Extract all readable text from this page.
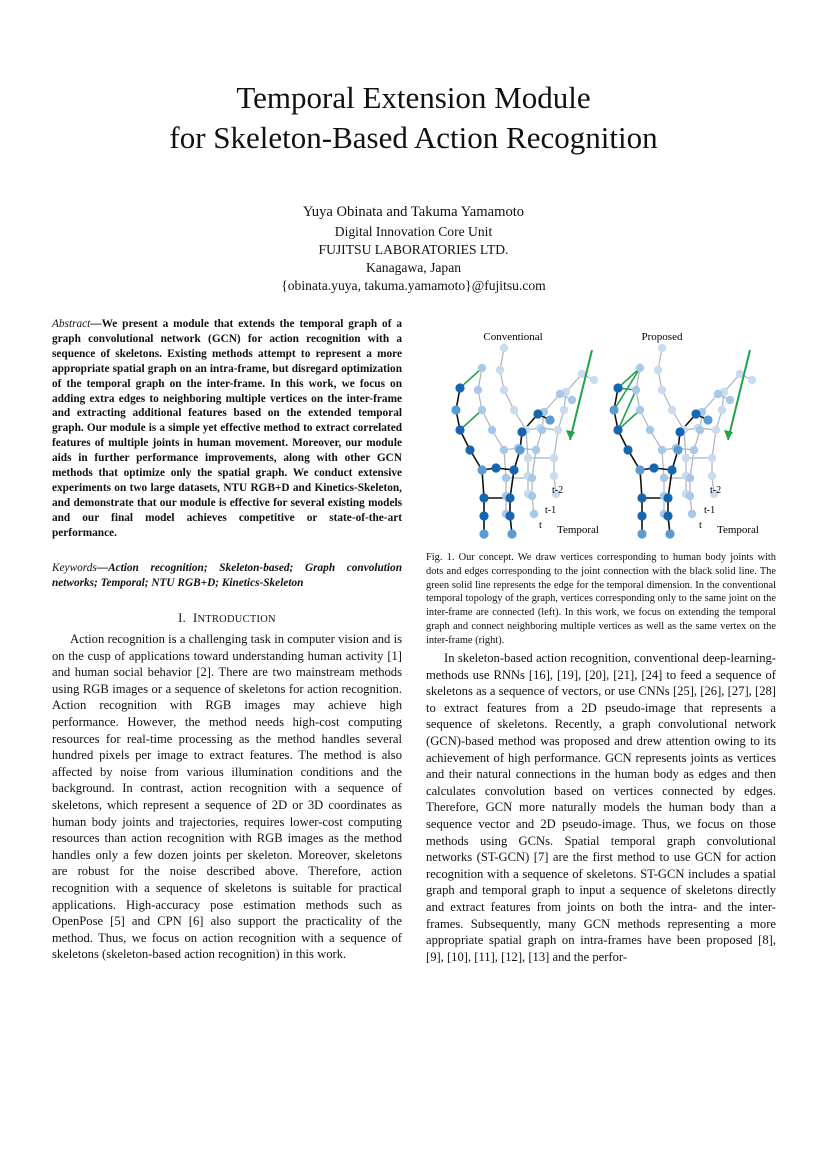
Temporal Extension Module
for Skeleton-Based Action Recognition
Yuya Obinata and Takuma Yamamoto
Digital Innovation Core Unit
FUJITSU LABORATORIES LTD.
Kanagawa, Japan
{obinata.yuya, takuma.yamamoto}@fujitsu.com
Abstract—We present a module that extends the temporal graph of a graph convolutional network (GCN) for action recognition with a sequence of skeletons. Existing methods attempt to represent a more appropriate spatial graph on an intra-frame, but disregard optimization of the temporal graph on the inter-frame. In this work, we focus on adding extra edges to neighboring multiple vertices on the inter-frame and extracting additional features based on the extended temporal graph. Our module is a simple yet effective method to extract correlated features of multiple joints in human movement. Moreover, our module aids in further performance improvements, along with other GCN methods that optimize only the spatial graph. We conduct extensive experiments on two large datasets, NTU RGB+D and Kinetics-Skeleton, and demonstrate that our module is effective for several existing models and our final model achieves competitive or state-of-the-art performance.
Keywords—Action recognition; Skeleton-based; Graph convolution networks; Temporal; NTU RGB+D; Kinetics-Skeleton
I. INTRODUCTION

Action recognition is a challenging task in computer vision and is on the cusp of applications toward understanding human activity [1] and human social behavior [2]. There are two mainstream methods using RGB images or a sequence of skeletons for action recognition. Action recognition with RGB images may achieve high performance. However, the method needs high-cost computing resources for real-time processing as the method handles several hundred pixels per image to extract features. The method is also affected by noise from various illumination conditions and the background. In contrast, action recognition with a sequence of skeletons, which represent a sequence of 2D or 3D coordinates as human body joints and trajectories, requires lower-cost computing resources than action recognition with RGB images as the method handles only a few dozen joints per skeleton. Moreover, skeletons are robust for the noise described above. Therefore, action recognition with a sequence of skeletons is suitable for practical applications. High-accuracy pose estimation methods such as OpenPose [5] and CPN [6] also support the practicality of the method. Thus, we focus on action recognition with a sequence of skeletons (skeleton-based action recognition) in this work.

Conventional	Proposed
t-2
t-1
t Temporal
t-2
t-1
t Temporal
Fig. 1. Our concept. We draw vertices corresponding to human body joints with dots and edges corresponding to the joint connection with the black solid line. The green solid line represents the edge for the temporal dimension. In the conventional temporal topology of the graph, vertices corresponding only to the same joint on the inter-frame are connected (left). In this work, we focus on extending the temporal graph and connect neighboring multiple vertices as well as the same vertex on the inter-frame (right).

In skeleton-based action recognition, conventional deep-learning-methods use RNNs [16], [19], [20], [21], [24] to feed a sequence of skeletons as a sequence of vectors, or use CNNs [25], [26], [27], [28] to extract features from a 2D pseudo-image that represents a sequence of skeletons. Recently, a graph convolutional network (GCN)-based method was proposed and drew attention owing to its achievement of high performance. GCN represents joints as vertices and their natural connections in the human body as edges and then calculates convolution based on vertices connected by edges. Therefore, GCN more naturally models the human body than a sequence vector and 2D pseudo-image. Thus, we focus on those methods using GCNs. Spatial temporal graph convolutional networks (ST-GCN) [7] are the first method to use GCN for action recognition with a sequence of skeletons. ST-GCN includes a spatial graph and temporal graph to input a sequence of skeletons directly and extract features from joints on both the intra- and the inter-frames. Subsequently, many GCN methods representing a more appropriate spatial graph on intra-frames have been proposed [8], [9], [10], [11], [12], [13] and the perfor-
